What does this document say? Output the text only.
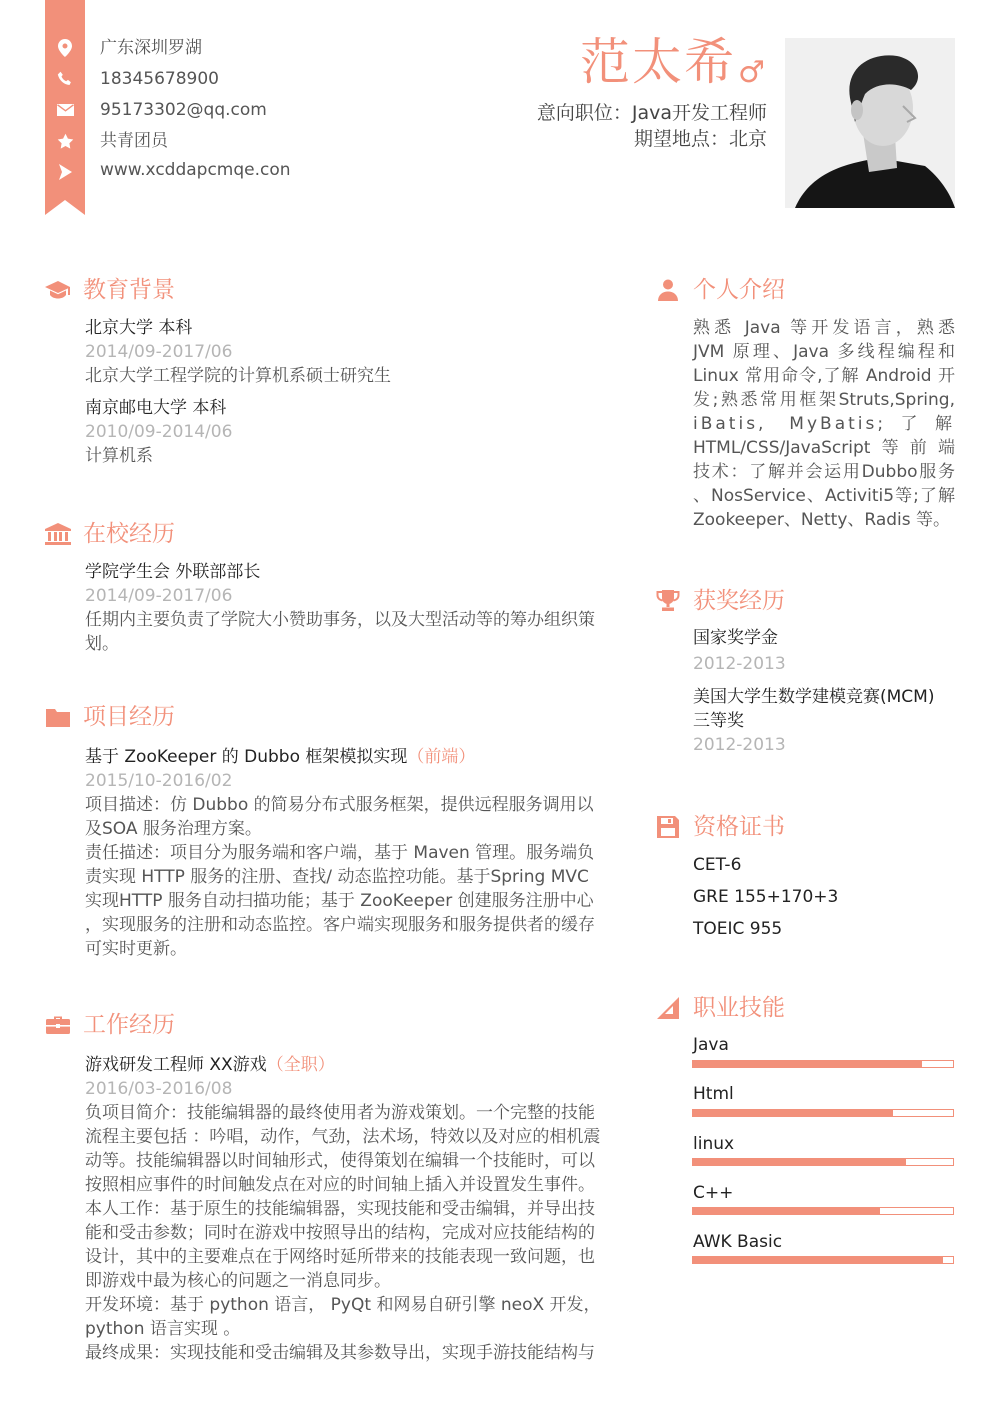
广东深圳罗湖
18345678900
95173302@qq.com
共青团员
www.xcddapcmqe.con
范太希 ♂
意向职位：Java开发工程师
期望地点：北京
教育背景
北京大学 本科
2014/09-2017/06
北京大学工程学院的计算机系硕士研究生
南京邮电大学 本科
2010/09-2014/06
计算机系
在校经历
学院学生会 外联部部长
2014/09-2017/06
任期内主要负责了学院大小赞助事务，以及大型活动等的筹办组织策
划。
项目经历
基于 ZooKeeper 的 Dubbo 框架模拟实现（前端）
2015/10-2016/02
项目描述：仿 Dubbo 的简易分布式服务框架，提供远程服务调用以
及SOA 服务治理方案。
责任描述：项目分为服务端和客户端，基于 Maven 管理。服务端负
责实现 HTTP 服务的注册、查找/ 动态监控功能。基于Spring MVC
实现HTTP 服务自动扫描功能；基于 ZooKeeper 创建服务注册中心
，实现服务的注册和动态监控。客户端实现服务和服务提供者的缓存
可实时更新。
工作经历
游戏研发工程师 XX游戏（全职）
2016/03-2016/08
负项目简介：技能编辑器的最终使用者为游戏策划。一个完整的技能
流程主要包括 ：吟唱，动作，气劲，法术场，特效以及对应的相机震
动等。技能编辑器以时间轴形式，使得策划在编辑一个技能时，可以
按照相应事件的时间触发点在对应的时间轴上插入并设置发生事件。
本人工作：基于原生的技能编辑器，实现技能和受击编辑，并导出技
能和受击参数；同时在游戏中按照导出的结构，完成对应技能结构的
设计，其中的主要难点在于网络时延所带来的技能表现一致问题，也
即游戏中最为核心的问题之一消息同步。
开发环境：基于 python 语言， PyQt 和网易自研引擎 neoX 开发，
python 语言实现 。
最终成果：实现技能和受击编辑及其参数导出，实现手游技能结构与
个人介绍
熟悉 Java 等开发语言，熟悉
JVM 原理、Java 多线程编程和
Linux 常用命令,了解 Android 开
发;熟悉常用框架Struts,Spring,
iBatis, MyBatis;了解
HTML/CSS/JavaScript等前端
技术：了解并会运用Dubbo服务
、NosService、Activiti5等;了解
Zookeeper、Netty、Radis 等。
获奖经历
国家奖学金
2012-2013
美国大学生数学建模竞赛(MCM)
三等奖
2012-2013
资格证书
CET-6
GRE 155+170+3
TOEIC 955
职业技能
Java
Html
linux
C++
AWK Basic
